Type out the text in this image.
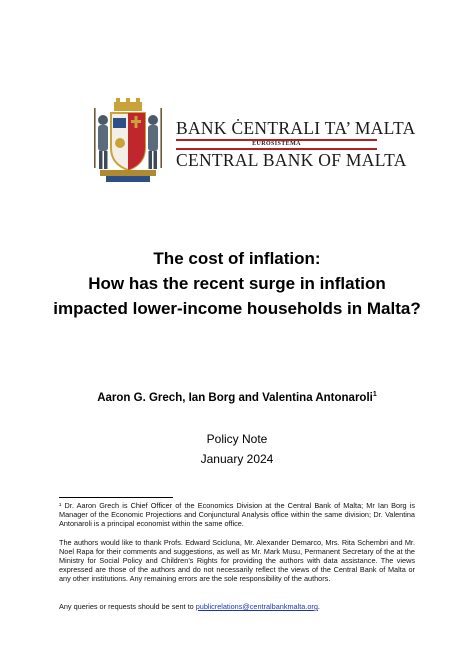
BANK ĊENTRALI TA’ MALTA
EUROSISTEMA
CENTRAL BANK OF MALTA
The cost of inflation:
How has the recent surge in inflation
impacted lower-income households in Malta?
Aaron G. Grech, Ian Borg and Valentina Antonaroli$^1$
Policy Note
January 2024
¹ Dr. Aaron Grech is Chief Officer of the Economics Division at the Central Bank of Malta; Mr Ian Borg is Manager of the Economic Projections and Conjunctural Analysis office within the same division; Dr. Valentina Antonaroli is a principal economist within the same office.
The authors would like to thank Profs. Edward Scicluna, Mr. Alexander Demarco, Mrs. Rita Schembri and Mr. Noel Rapa for their comments and suggestions, as well as Mr. Mark Musu, Permanent Secretary of the at the Ministry for Social Policy and Children’s Rights for providing the authors with data assistance. The views expressed are those of the authors and do not necessarily reflect the views of the Central Bank of Malta or any other institutions. Any remaining errors are the sole responsibility of the authors.
Any queries or requests should be sent to publicrelations@centralbankmalta.org.
